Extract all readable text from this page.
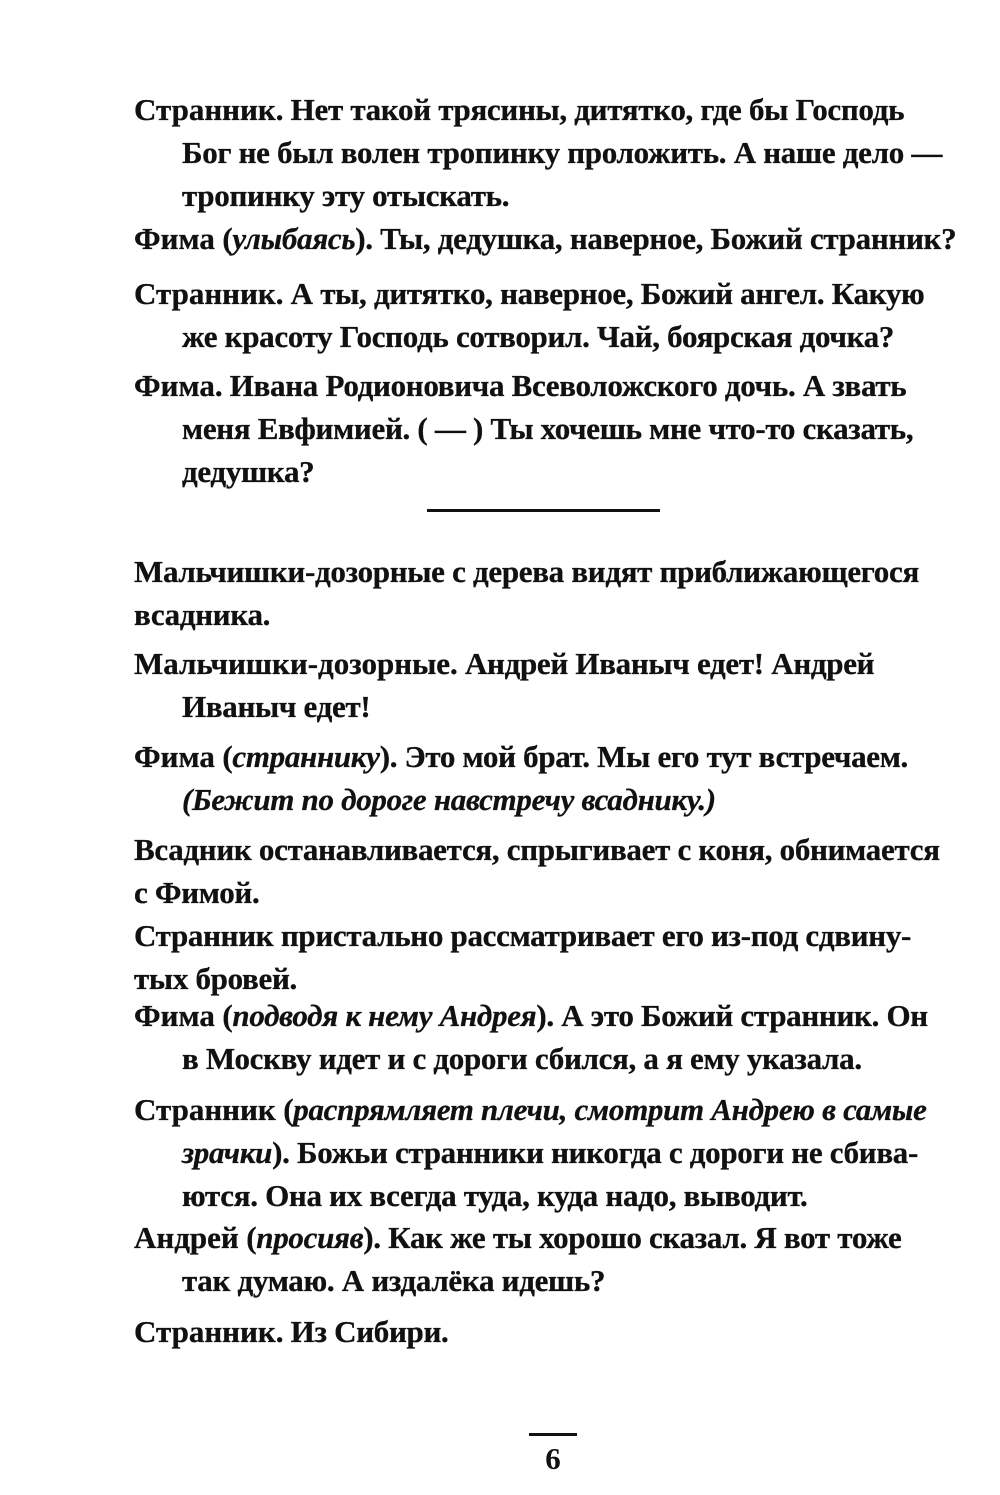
Странник. Нет такой трясины, дитятко, где бы Господь
Бог не был волен тропинку проложить. А наше дело —
тропинку эту отыскать.
Фима (улыбаясь). Ты, дедушка, наверное, Божий странник?
Странник. А ты, дитятко, наверное, Божий ангел. Какую
же красоту Господь сотворил. Чай, боярская дочка?
Фима. Ивана Родионовича Всеволожского дочь. А звать
меня Евфимией. ( — ) Ты хочешь мне что-то сказать,
дедушка?
Мальчишки-дозорные с дерева видят приближающегося
всадника.
Мальчишки-дозорные. Андрей Иваныч едет! Андрей
Иваныч едет!
Фима (страннику). Это мой брат. Мы его тут встречаем.
(Бежит по дороге навстречу всаднику.)
Всадник останавливается, спрыгивает с коня, обнимается
с Фимой.
Странник пристально рассматривает его из-под сдвину-
тых бровей.
Фима (подводя к нему Андрея). А это Божий странник. Он
в Москву идет и с дороги сбился, а я ему указала.
Странник (распрямляет плечи, смотрит Андрею в самые
зрачки). Божьи странники никогда с дороги не сбива-
ются. Она их всегда туда, куда надо, выводит.
Андрей (просияв). Как же ты хорошо сказал. Я вот тоже
так думаю. А издалёка идешь?
Странник. Из Сибири.
6
